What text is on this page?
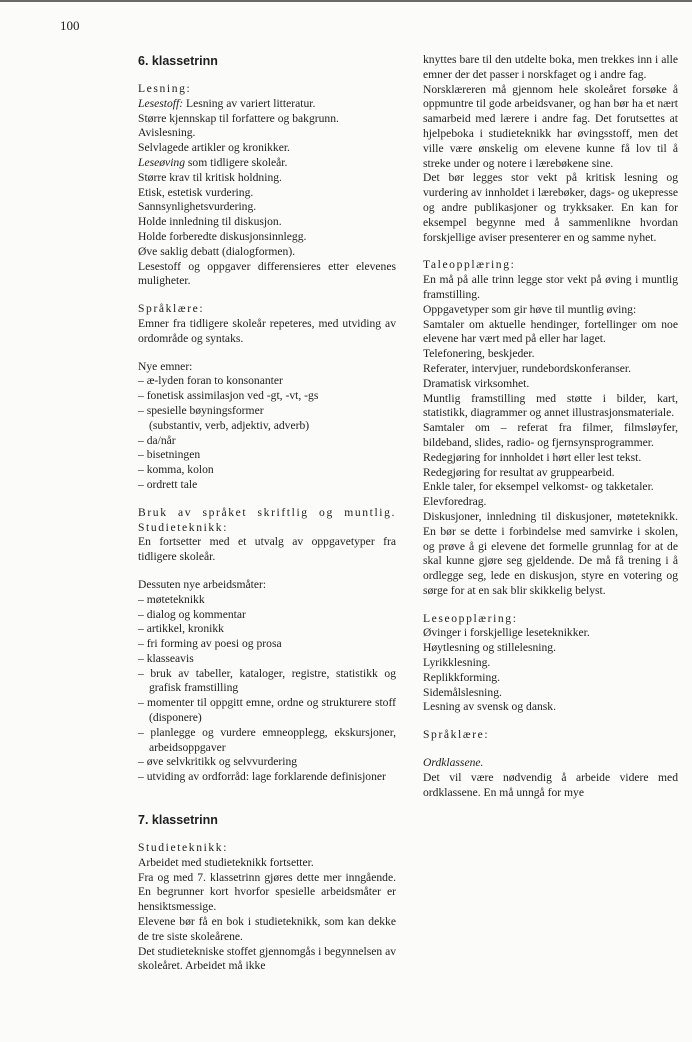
100

6. klassetrinn

Lesning:

Lesestoff: Lesning av variert litteratur.

Større kjennskap til forfattere og bakgrunn.

Avislesning.

Selvlagede artikler og kronikker.

Leseøving som tidligere skoleår.

Større krav til kritisk holdning.

Etisk, estetisk vurdering.

Sannsynlighetsvurdering.

Holde innledning til diskusjon.

Holde forberedte diskusjonsinnlegg.

Øve saklig debatt (dialogformen).

Lesestoff og oppgaver differensieres etter elevenes muligheter.

Språklære:

Emner fra tidligere skoleår repeteres, med utviding av ordområde og syntaks.

Nye emner:

– æ-lyden foran to konsonanter
– fonetisk assimilasjon ved -gt, -vt, -gs
– spesielle bøyningsformer

(substantiv, verb, adjektiv, adverb)

– da/når
– bisetningen
– komma, kolon
– ordrett tale

Bruk av språket skriftlig og muntlig. Studieteknikk:

En fortsetter med et utvalg av oppgavetyper fra tidligere skoleår.

Dessuten nye arbeidsmåter:

– møteteknikk
– dialog og kommentar
– artikkel, kronikk
– fri forming av poesi og prosa
– klasseavis
– bruk av tabeller, kataloger, registre, statistikk og grafisk framstilling
– momenter til oppgitt emne, ordne og strukturere stoff (disponere)
– planlegge og vurdere emneopplegg, ekskursjoner, arbeidsoppgaver
– øve selvkritikk og selvvurdering
– utviding av ordforråd: lage forklarende definisjoner

7. klassetrinn

Studieteknikk:

Arbeidet med studieteknikk fortsetter.

Fra og med 7. klassetrinn gjøres dette mer inngående. En begrunner kort hvorfor spesielle arbeidsmåter er hensiktsmessige.

Elevene bør få en bok i studieteknikk, som kan dekke de tre siste skoleårene.

Det studietekniske stoffet gjennomgås i begynnelsen av skoleåret. Arbeidet må ikke

knyttes bare til den utdelte boka, men trekkes inn i alle emner der det passer i norskfaget og i andre fag.

Norsklæreren må gjennom hele skoleåret forsøke å oppmuntre til gode arbeidsvaner, og han bør ha et nært samarbeid med lærere i andre fag. Det forutsettes at hjelpeboka i studieteknikk har øvingsstoff, men det ville være ønskelig om elevene kunne få lov til å streke under og notere i lærebøkene sine.

Det bør legges stor vekt på kritisk lesning og vurdering av innholdet i lærebøker, dags- og ukepresse og andre publikasjoner og trykksaker. En kan for eksempel begynne med å sammenlikne hvordan forskjellige aviser presenterer en og samme nyhet.

Taleopplæring:

En må på alle trinn legge stor vekt på øving i muntlig framstilling.

Oppgavetyper som gir høve til muntlig øving:

Samtaler om aktuelle hendinger, fortellinger om noe elevene har vært med på eller har laget.

Telefonering, beskjeder.

Referater, intervjuer, rundebordskonferanser.

Dramatisk virksomhet.

Muntlig framstilling med støtte i bilder, kart, statistikk, diagrammer og annet illustrasjonsmateriale.

Samtaler om – referat fra filmer, filmsløyfer, bildeband, slides, radio- og fjernsynsprogrammer.

Redegjøring for innholdet i hørt eller lest tekst.

Redegjøring for resultat av gruppearbeid.

Enkle taler, for eksempel velkomst- og takketaler.

Elevforedrag.

Diskusjoner, innledning til diskusjoner, møteteknikk. En bør se dette i forbindelse med samvirke i skolen, og prøve å gi elevene det formelle grunnlag for at de skal kunne gjøre seg gjeldende. De må få trening i å ordlegge seg, lede en diskusjon, styre en votering og sørge for at en sak blir skikkelig belyst.

Leseopplæring:

Øvinger i forskjellige leseteknikker.

Høytlesning og stillelesning.

Lyrikklesning.

Replikkforming.

Sidemålslesning.

Lesning av svensk og dansk.

Språklære:

Ordklassene.

Det vil være nødvendig å arbeide videre med ordklassene. En må unngå for mye
